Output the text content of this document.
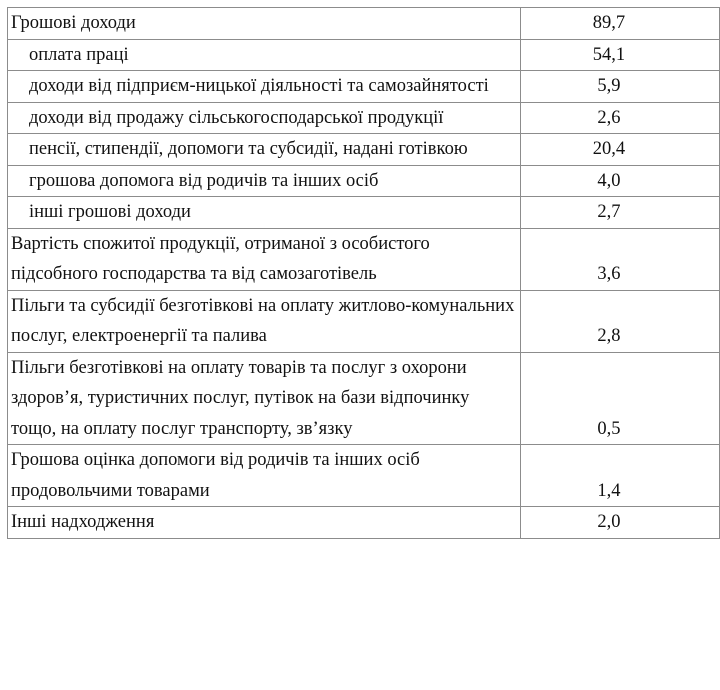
Грошові доходи	89,7

оплата праці	54,1

доходи від підприєм-ницької діяльності та самозайнятості	5,9

доходи від продажу сільськогосподарської продукції	2,6

пенсії, стипендії, допомоги та субсидії, надані готівкою	20,4

грошова допомога від родичів та інших осіб	4,0

інші грошові доходи	2,7

Вартість спожитої продукції, отриманої з особистого підсобного господарства та від самозаготівель	3,6

Пільги та субсидії безготівкові на оплату житлово-комунальних послуг, електроенергії та палива	2,8

Пільги безготівкові на оплату товарів та послуг з охорони здоров’я, туристичних послуг, путівок на бази відпочинку тощо, на оплату послуг транспорту, зв’язку	0,5

Грошова оцінка допомоги від родичів та інших осіб продовольчими товарами	1,4

Інші надходження	2,0
